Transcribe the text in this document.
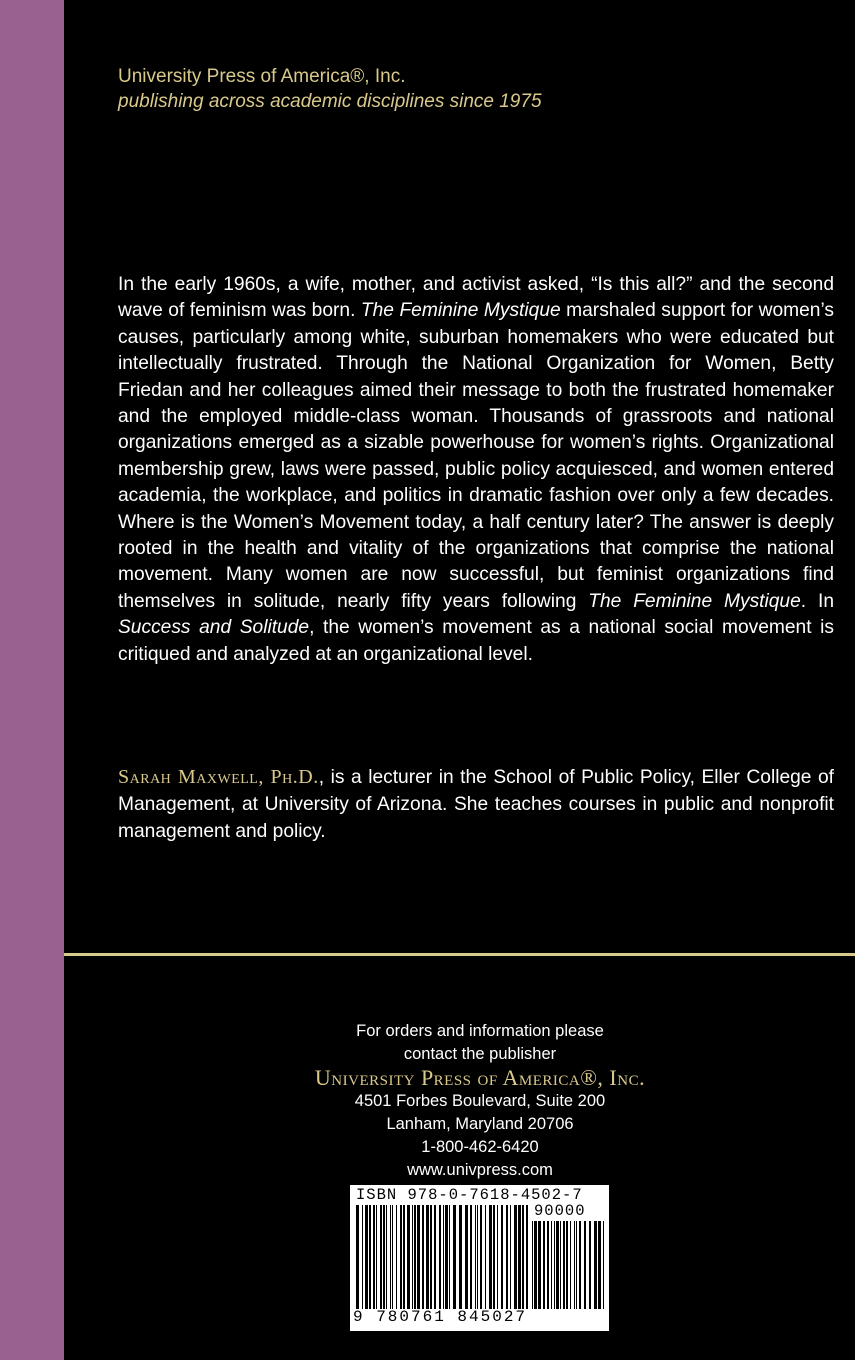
University Press of America®, Inc.
publishing across academic disciplines since 1975

In the early 1960s, a wife, mother, and activist asked, “Is this all?” and the second wave of feminism was born. The Feminine Mystique marshaled support for women’s causes, particularly among white, suburban homemakers who were educated but intellectually frustrated. Through the National Organization for Women, Betty Friedan and her colleagues aimed their message to both the frustrated homemaker and the employed middle-class woman. Thousands of grassroots and national organizations emerged as a sizable powerhouse for women’s rights. Organizational membership grew, laws were passed, public policy acquiesced, and women entered academia, the workplace, and politics in dramatic fashion over only a few decades. Where is the Women’s Movement today, a half century later? The answer is deeply rooted in the health and vitality of the organizations that comprise the national movement. Many women are now successful, but feminist organizations find themselves in solitude, nearly fifty years following The Feminine Mystique. In Success and Solitude, the women’s movement as a national social movement is critiqued and analyzed at an organizational level.

Sarah Maxwell, Ph.D., is a lecturer in the School of Public Policy, Eller College of Management, at University of Arizona. She teaches courses in public and nonprofit management and policy.

For orders and information please
contact the publisher
University Press of America®, Inc.
4501 Forbes Boulevard, Suite 200
Lanham, Maryland 20706
1-800-462-6420
www.univpress.com
ISBN 978-0-7618-4502-7
90000
9 780761 845027
